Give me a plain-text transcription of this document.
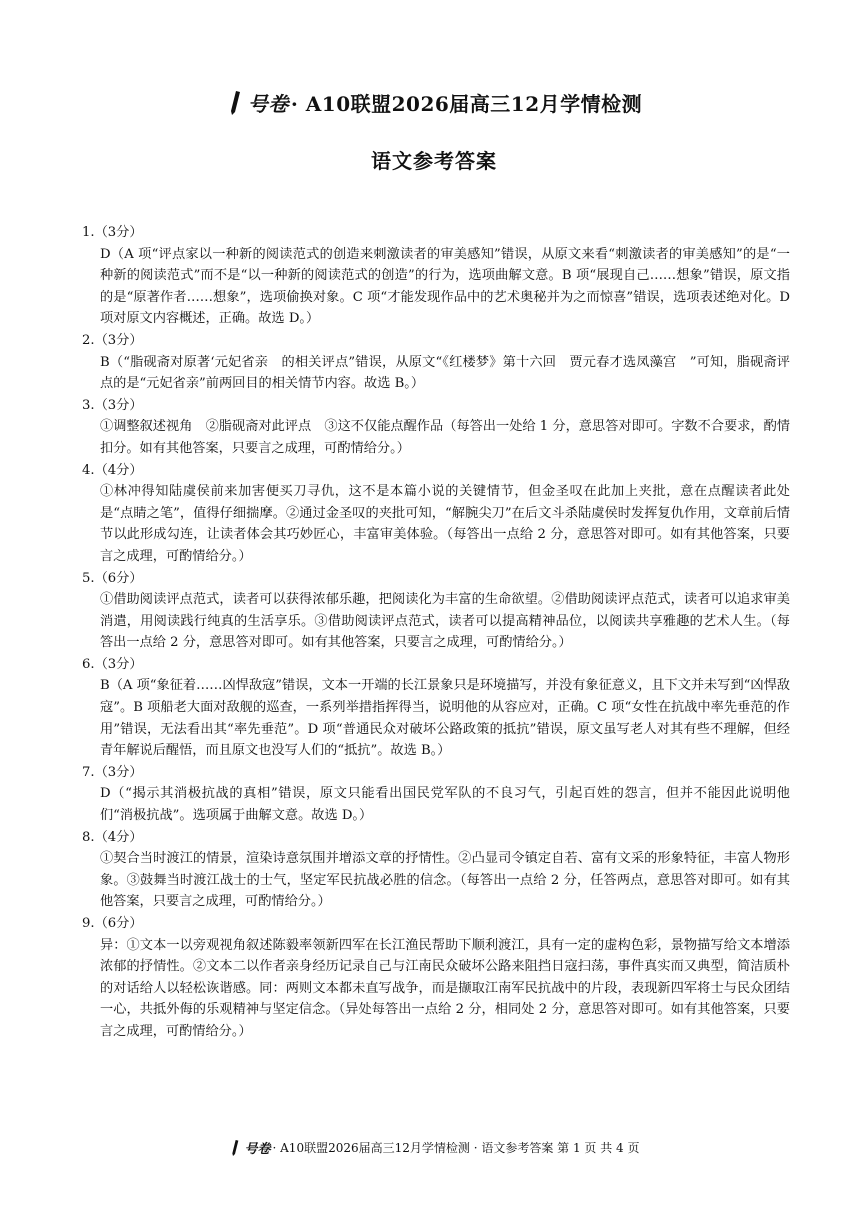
号卷 · A10联盟2026届高三12月学情检测
语文参考答案
1.（3分）
D（A 项“评点家以一种新的阅读范式的创造来刺激读者的审美感知”错误，从原文来看“刺激读者的审美感知”的是“一种新的阅读范式”而不是“以一种新的阅读范式的创造”的行为，选项曲解文意。B 项“展现自己……想象”错误，原文指的是“原著作者……想象”，选项偷换对象。C 项“才能发现作品中的艺术奥秘并为之而惊喜”错误，选项表述绝对化。D 项对原文内容概述，正确。故选 D。）
2.（3分）
B（“脂砚斋对原著‘元妃省亲　的相关评点”错误，从原文“《红楼梦》第十六回　贾元春才选凤藻宫　”可知，脂砚斋评点的是“元妃省亲”前两回目的相关情节内容。故选 B。）
3.（3分）
①调整叙述视角　②脂砚斋对此评点　③这不仅能点醒作品（每答出一处给 1 分，意思答对即可。字数不合要求，酌情扣分。如有其他答案，只要言之成理，可酌情给分。）
4.（4分）
①林冲得知陆虞侯前来加害便买刀寻仇，这不是本篇小说的关键情节，但金圣叹在此加上夹批，意在点醒读者此处是“点睛之笔”，值得仔细揣摩。②通过金圣叹的夹批可知，“解腕尖刀”在后文斗杀陆虞侯时发挥复仇作用，文章前后情节以此形成勾连，让读者体会其巧妙匠心，丰富审美体验。（每答出一点给 2 分，意思答对即可。如有其他答案，只要言之成理，可酌情给分。）
5.（6分）
①借助阅读评点范式，读者可以获得浓郁乐趣，把阅读化为丰富的生命欲望。②借助阅读评点范式，读者可以追求审美消遣，用阅读践行纯真的生活享乐。③借助阅读评点范式，读者可以提高精神品位，以阅读共享雅趣的艺术人生。（每答出一点给 2 分，意思答对即可。如有其他答案，只要言之成理，可酌情给分。）
6.（3分）
B（A 项“象征着……凶悍敌寇”错误，文本一开端的长江景象只是环境描写，并没有象征意义，且下文并未写到“凶悍敌寇”。B 项船老大面对敌舰的巡查，一系列举措指挥得当，说明他的从容应对，正确。C 项“女性在抗战中率先垂范的作用”错误，无法看出其“率先垂范”。D 项“普通民众对破坏公路政策的抵抗”错误，原文虽写老人对其有些不理解，但经青年解说后醒悟，而且原文也没写人们的“抵抗”。故选 B。）
7.（3分）
D（“揭示其消极抗战的真相”错误，原文只能看出国民党军队的不良习气，引起百姓的怨言，但并不能因此说明他们“消极抗战”。选项属于曲解文意。故选 D。）
8.（4分）
①契合当时渡江的情景，渲染诗意氛围并增添文章的抒情性。②凸显司令镇定自若、富有文采的形象特征，丰富人物形象。③鼓舞当时渡江战士的士气，坚定军民抗战必胜的信念。（每答出一点给 2 分，任答两点，意思答对即可。如有其他答案，只要言之成理，可酌情给分。）
9.（6分）
异：①文本一以旁观视角叙述陈毅率领新四军在长江渔民帮助下顺利渡江，具有一定的虚构色彩，景物描写给文本增添浓郁的抒情性。②文本二以作者亲身经历记录自己与江南民众破坏公路来阻挡日寇扫荡，事件真实而又典型，简洁质朴的对话给人以轻松诙谐感。同：两则文本都未直写战争，而是撷取江南军民抗战中的片段，表现新四军将士与民众团结一心，共抵外侮的乐观精神与坚定信念。（异处每答出一点给 2 分，相同处 2 分，意思答对即可。如有其他答案，只要言之成理，可酌情给分。）
号卷 · A10联盟2026届高三12月学情检测 · 语文参考答案 第 1 页 共 4 页
